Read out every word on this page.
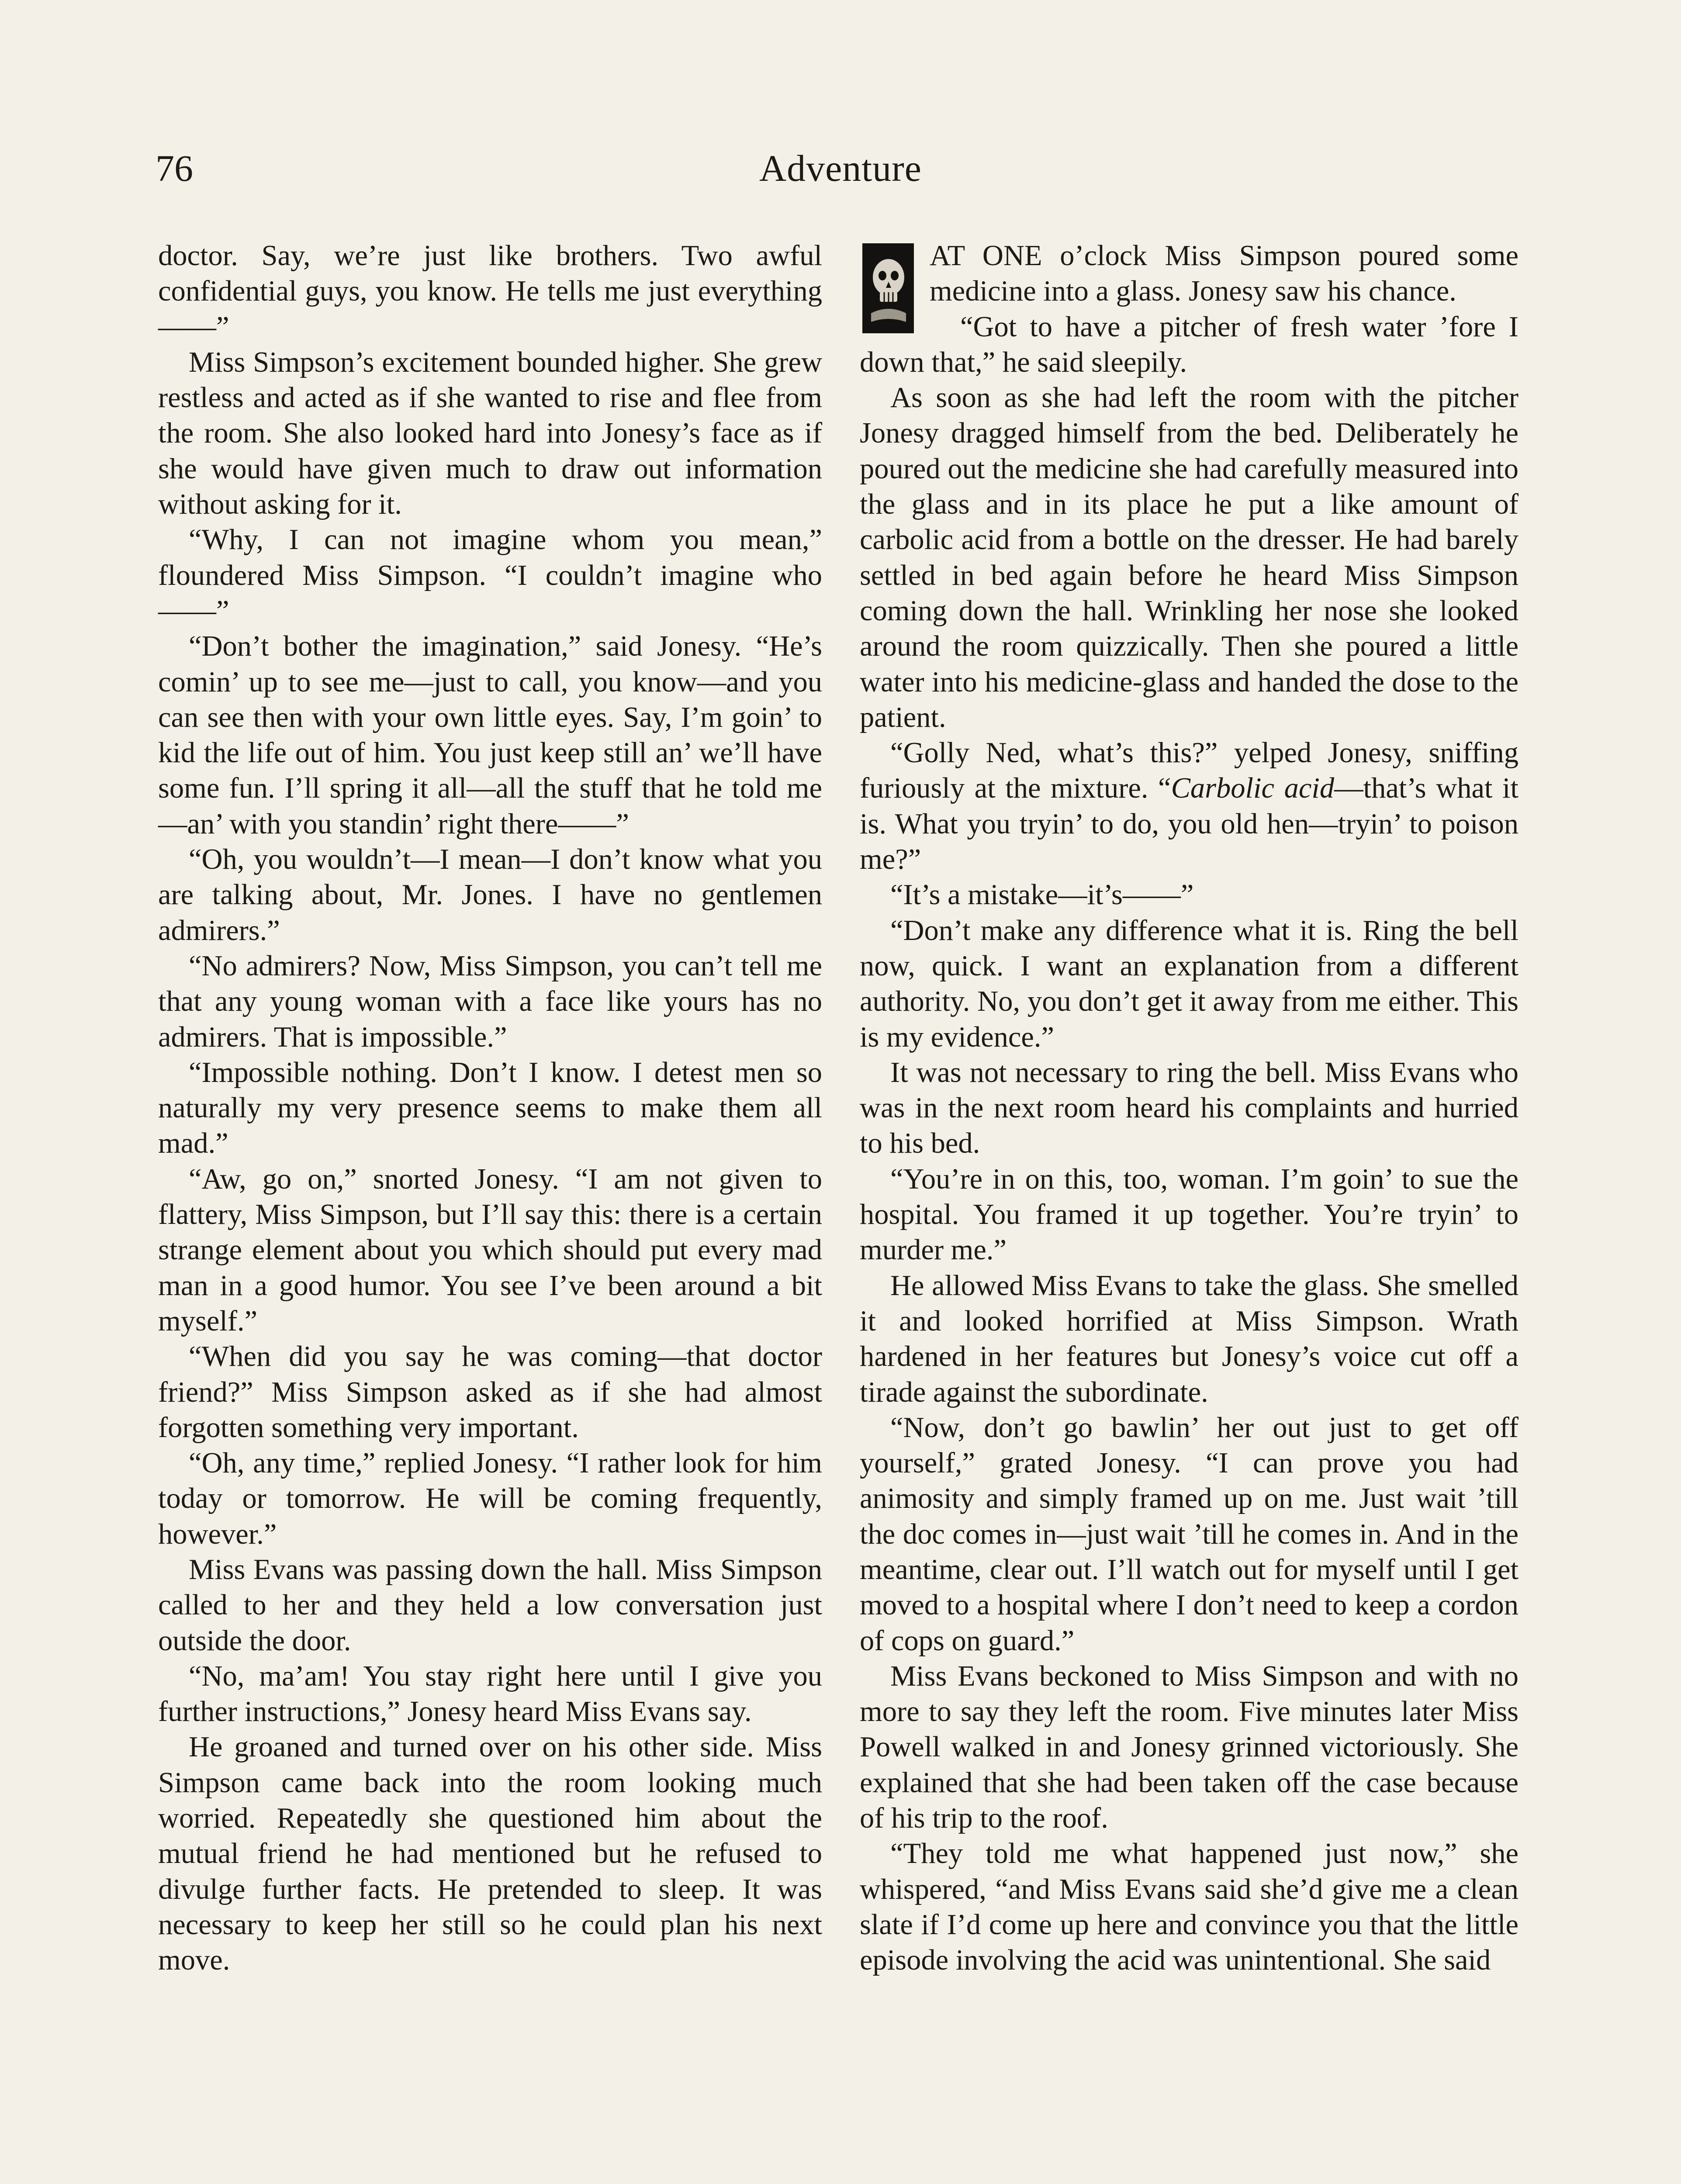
76	Adventure

doctor. Say, we’re just like brothers. Two awful confidential guys, you know. He tells me just everything——”

Miss Simpson’s excitement bounded higher. She grew restless and acted as if she wanted to rise and flee from the room. She also looked hard into Jonesy’s face as if she would have given much to draw out information without asking for it.

“Why, I can not imagine whom you mean,” floundered Miss Simpson. “I couldn’t imagine who——”

“Don’t bother the imagination,” said Jonesy. “He’s comin’ up to see me—just to call, you know—and you can see then with your own little eyes. Say, I’m goin’ to kid the life out of him. You just keep still an’ we’ll have some fun. I’ll spring it all—all the stuff that he told me—an’ with you standin’ right there——”

“Oh, you wouldn’t—I mean—I don’t know what you are talking about, Mr. Jones. I have no gentlemen admirers.”

“No admirers? Now, Miss Simpson, you can’t tell me that any young woman with a face like yours has no admirers. That is impossible.”

“Impossible nothing. Don’t I know. I detest men so naturally my very presence seems to make them all mad.”

“Aw, go on,” snorted Jonesy. “I am not given to flattery, Miss Simpson, but I’ll say this: there is a certain strange element about you which should put every mad man in a good humor. You see I’ve been around a bit myself.”

“When did you say he was coming—that doctor friend?” Miss Simpson asked as if she had almost forgotten something very important.

“Oh, any time,” replied Jonesy. “I rather look for him today or tomorrow. He will be coming frequently, however.”

Miss Evans was passing down the hall. Miss Simpson called to her and they held a low conversation just outside the door.

“No, ma’am! You stay right here until I give you further instructions,” Jonesy heard Miss Evans say.

He groaned and turned over on his other side. Miss Simpson came back into the room looking much worried. Repeatedly she questioned him about the mutual friend he had mentioned but he refused to divulge further facts. He pretended to sleep. It was necessary to keep her still so he could plan his next move.

AT ONE o’clock Miss Simpson poured some medicine into a glass. Jonesy saw his chance.

“Got to have a pitcher of fresh water ’fore I down that,” he said sleepily.

As soon as she had left the room with the pitcher Jonesy dragged himself from the bed. Deliberately he poured out the medicine she had carefully measured into the glass and in its place he put a like amount of carbolic acid from a bottle on the dresser. He had barely settled in bed again before he heard Miss Simpson coming down the hall. Wrinkling her nose she looked around the room quizzically. Then she poured a little water into his medicine-glass and handed the dose to the patient.

“Golly Ned, what’s this?” yelped Jonesy, sniffing furiously at the mixture. “Carbolic acid—that’s what it is. What you tryin’ to do, you old hen—tryin’ to poison me?”

“It’s a mistake—it’s——”

“Don’t make any difference what it is. Ring the bell now, quick. I want an explanation from a different authority. No, you don’t get it away from me either. This is my evidence.”

It was not necessary to ring the bell. Miss Evans who was in the next room heard his complaints and hurried to his bed.

“You’re in on this, too, woman. I’m goin’ to sue the hospital. You framed it up together. You’re tryin’ to murder me.”

He allowed Miss Evans to take the glass. She smelled it and looked horrified at Miss Simpson. Wrath hardened in her features but Jonesy’s voice cut off a tirade against the subordinate.

“Now, don’t go bawlin’ her out just to get off yourself,” grated Jonesy. “I can prove you had animosity and simply framed up on me. Just wait ’till the doc comes in—just wait ’till he comes in. And in the meantime, clear out. I’ll watch out for myself until I get moved to a hospital where I don’t need to keep a cordon of cops on guard.”

Miss Evans beckoned to Miss Simpson and with no more to say they left the room. Five minutes later Miss Powell walked in and Jonesy grinned victoriously. She explained that she had been taken off the case because of his trip to the roof.

“They told me what happened just now,” she whispered, “and Miss Evans said she’d give me a clean slate if I’d come up here and convince you that the little episode involving the acid was unintentional. She said
